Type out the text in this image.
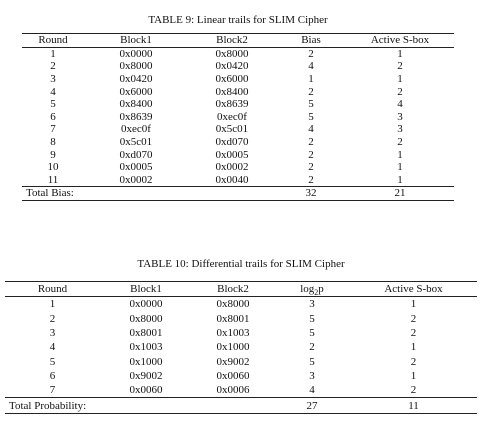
TABLE 9: Linear trails for SLIM Cipher
Round	Block1	Block2	Bias	Active S-box
1	0x0000	0x8000	2	1
2	0x8000	0x0420	4	2
3	0x0420	0x6000	1	1
4	0x6000	0x8400	2	2
5	0x8400	0x8639	5	4
6	0x8639	0xec0f	5	3
7	0xec0f	0x5c01	4	3
8	0x5c01	0xd070	2	2
9	0xd070	0x0005	2	1
10	0x0005	0x0002	2	1
11	0x0002	0x0040	2	1
Total Bias:			32	21
TABLE 10: Differential trails for SLIM Cipher
Round	Block1	Block2	$\log_2p$	Active S-box
1	0x0000	0x8000	3	1
2	0x8000	0x8001	5	2
3	0x8001	0x1003	5	2
4	0x1003	0x1000	2	1
5	0x1000	0x9002	5	2
6	0x9002	0x0060	3	1
7	0x0060	0x0006	4	2
Total Probability:			27	11
